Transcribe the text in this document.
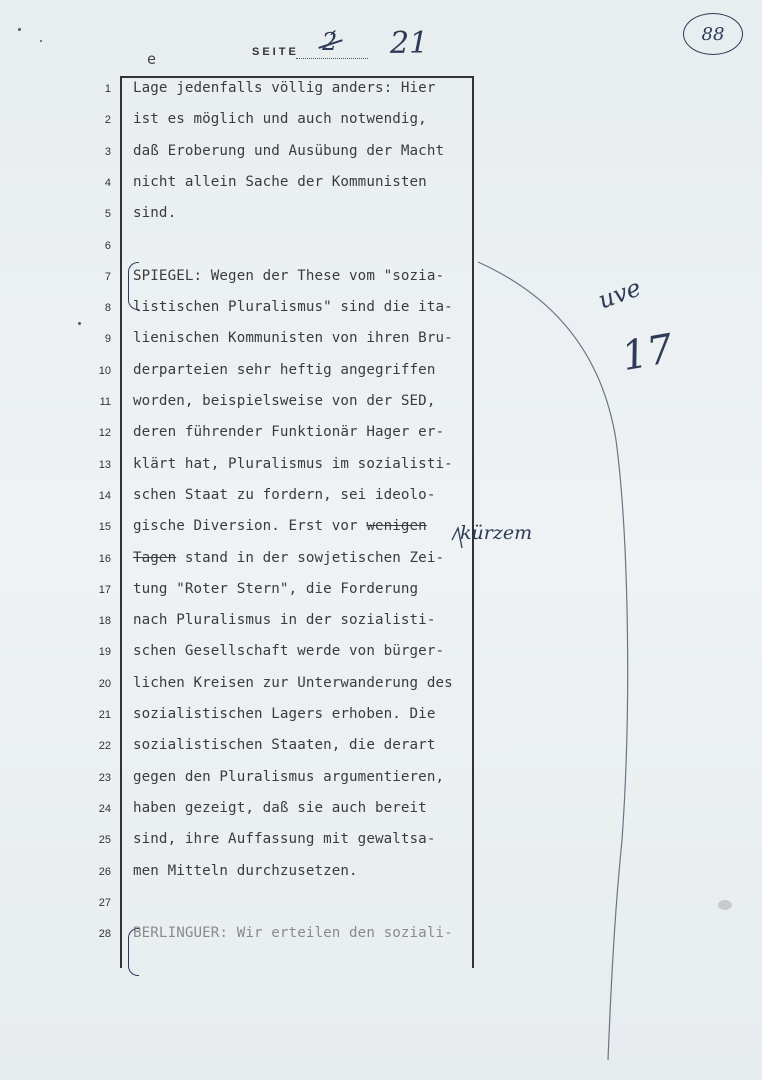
e	SEITE 2́ 21	88
1 Lage jedenfalls völlig anders: Hier
2 ist es möglich und auch notwendig,
3 daß Eroberung und Ausübung der Macht
4 nicht allein Sache der Kommunisten
5 sind.
6
7 SPIEGEL: Wegen der These vom "sozia-
8 listischen Pluralismus" sind die ita-
9 lienischen Kommunisten von ihren Bru-
10 derparteien sehr heftig angegriffen
11 worden, beispielsweise von der SED,
12 deren führender Funktionär Hager er-
13 klärt hat, Pluralismus im sozialisti-
14 schen Staat zu fordern, sei ideolo-
15 gische Diversion. Erst vor wenigen
16 Tagen stand in der sowjetischen Zei-
17 tung "Roter Stern", die Forderung
18 nach Pluralismus in der sozialisti-
19 schen Gesellschaft werde von bürger-
20 lichen Kreisen zur Unterwanderung des
21 sozialistischen Lagers erhoben. Die
22 sozialistischen Staaten, die derart
23 gegen den Pluralismus argumentieren,
24 haben gezeigt, daß sie auch bereit
25 sind, ihre Auffassung mit gewaltsa-
26 men Mitteln durchzusetzen.
27
28 BERLINGUER: Wir erteilen den soziali-
kürzem
uve
17
